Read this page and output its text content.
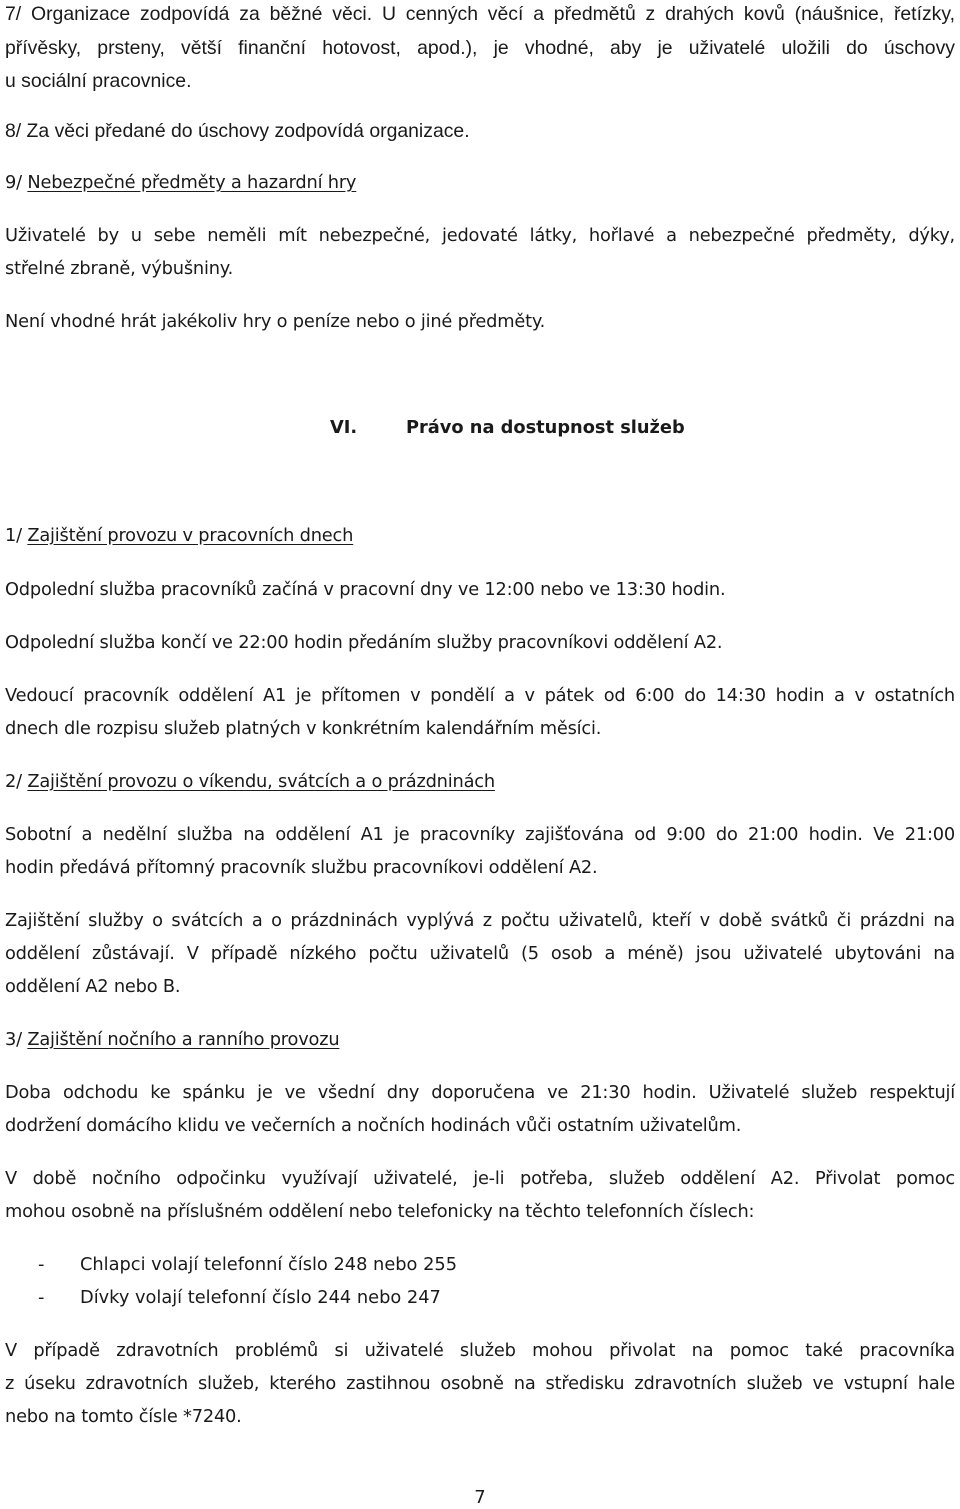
7/ Organizace zodpovídá za běžné věci. U cenných věcí a předmětů z drahých kovů (náušnice, řetízky,
přívěsky, prsteny, větší finanční hotovost, apod.), je vhodné, aby je uživatelé uložili do úschovy
u sociální pracovnice.
8/ Za věci předané do úschovy zodpovídá organizace.
9/ Nebezpečné předměty a hazardní hry
Uživatelé by u sebe neměli mít nebezpečné, jedovaté látky, hořlavé a nebezpečné předměty, dýky,
střelné zbraně, výbušniny.
Není vhodné hrát jakékoliv hry o peníze nebo o jiné předměty.
VI.	Právo na dostupnost služeb
1/ Zajištění provozu v pracovních dnech
Odpolední služba pracovníků začíná v pracovní dny ve 12:00 nebo ve 13:30 hodin.
Odpolední služba končí ve 22:00 hodin předáním služby pracovníkovi oddělení A2.
Vedoucí pracovník oddělení A1 je přítomen v pondělí a v pátek od 6:00 do 14:30 hodin a v ostatních
dnech dle rozpisu služeb platných v konkrétním kalendářním měsíci.
2/ Zajištění provozu o víkendu, svátcích a o prázdninách
Sobotní a nedělní služba na oddělení A1 je pracovníky zajišťována od 9:00 do 21:00 hodin. Ve 21:00
hodin předává přítomný pracovník službu pracovníkovi oddělení A2.
Zajištění služby o svátcích a o prázdninách vyplývá z počtu uživatelů, kteří v době svátků či prázdni na
oddělení zůstávají. V případě nízkého počtu uživatelů (5 osob a méně) jsou uživatelé ubytováni na
oddělení A2 nebo B.
3/ Zajištění nočního a ranního provozu
Doba odchodu ke spánku je ve všední dny doporučena ve 21:30 hodin. Uživatelé služeb respektují
dodržení domácího klidu ve večerních a nočních hodinách vůči ostatním uživatelům.
V době nočního odpočinku využívají uživatelé, je-li potřeba, služeb oddělení A2. Přivolat pomoc
mohou osobně na příslušném oddělení nebo telefonicky na těchto telefonních číslech:
- Chlapci volají telefonní číslo 248 nebo 255
- Dívky volají telefonní číslo 244 nebo 247
V případě zdravotních problémů si uživatelé služeb mohou přivolat na pomoc také pracovníka
z úseku zdravotních služeb, kterého zastihnou osobně na středisku zdravotních služeb ve vstupní hale
nebo na tomto čísle *7240.
7
